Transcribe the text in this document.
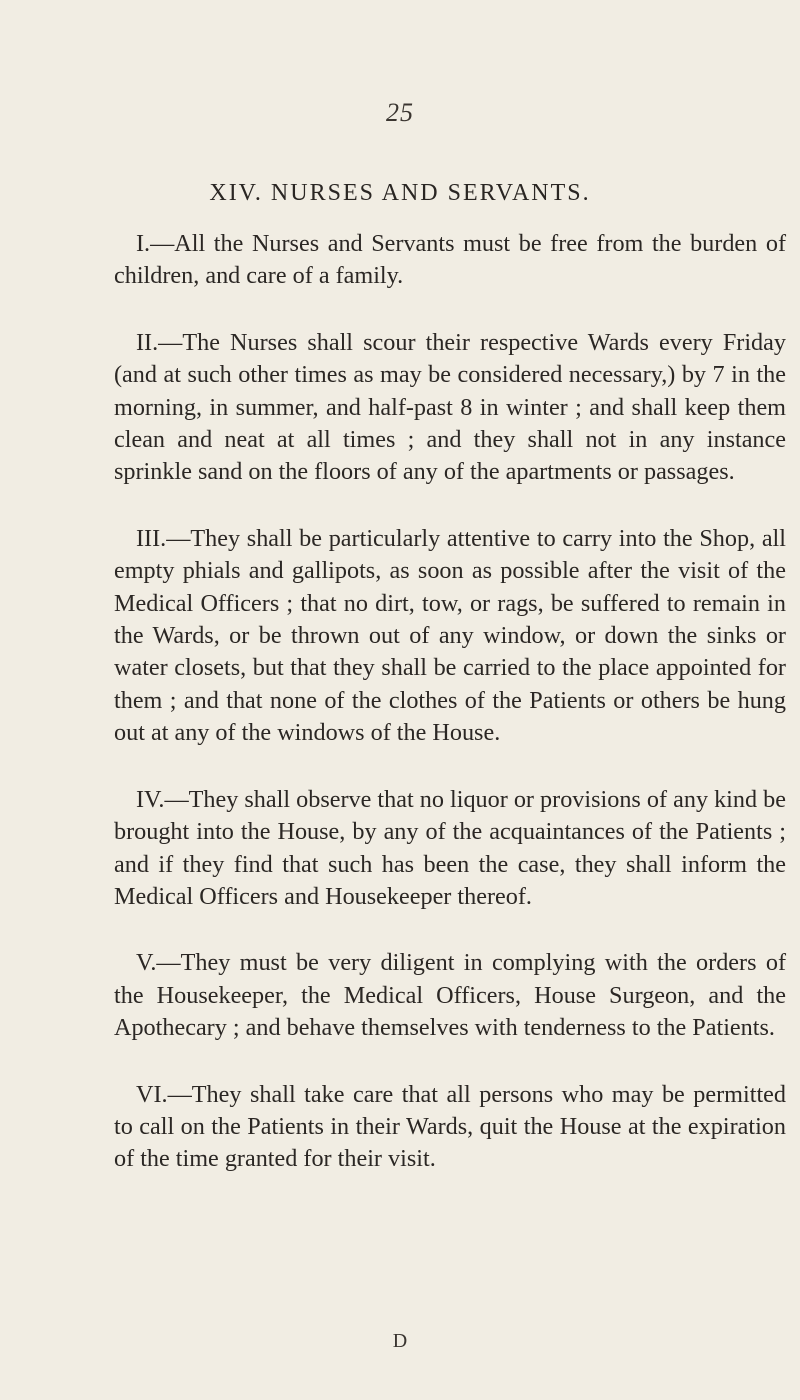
25
XIV. NURSES AND SERVANTS.

I.—All the Nurses and Servants must be free from the burden of children, and care of a family.

II.—The Nurses shall scour their respective Wards every Friday (and at such other times as may be considered necessary,) by 7 in the morning, in summer, and half-past 8 in winter ; and shall keep them clean and neat at all times ; and they shall not in any instance sprinkle sand on the floors of any of the apartments or passages.

III.—They shall be particularly attentive to carry into the Shop, all empty phials and gallipots, as soon as possible after the visit of the Medical Officers ; that no dirt, tow, or rags, be suffered to remain in the Wards, or be thrown out of any window, or down the sinks or water closets, but that they shall be carried to the place appointed for them ; and that none of the clothes of the Patients or others be hung out at any of the windows of the House.

IV.—They shall observe that no liquor or provisions of any kind be brought into the House, by any of the acquaintances of the Patients ; and if they find that such has been the case, they shall inform the Medical Officers and Housekeeper thereof.

V.—They must be very diligent in complying with the orders of the Housekeeper, the Medical Officers, House Surgeon, and the Apothecary ; and behave themselves with tenderness to the Patients.

VI.—They shall take care that all persons who may be permitted to call on the Patients in their Wards, quit the House at the expiration of the time granted for their visit.

D
